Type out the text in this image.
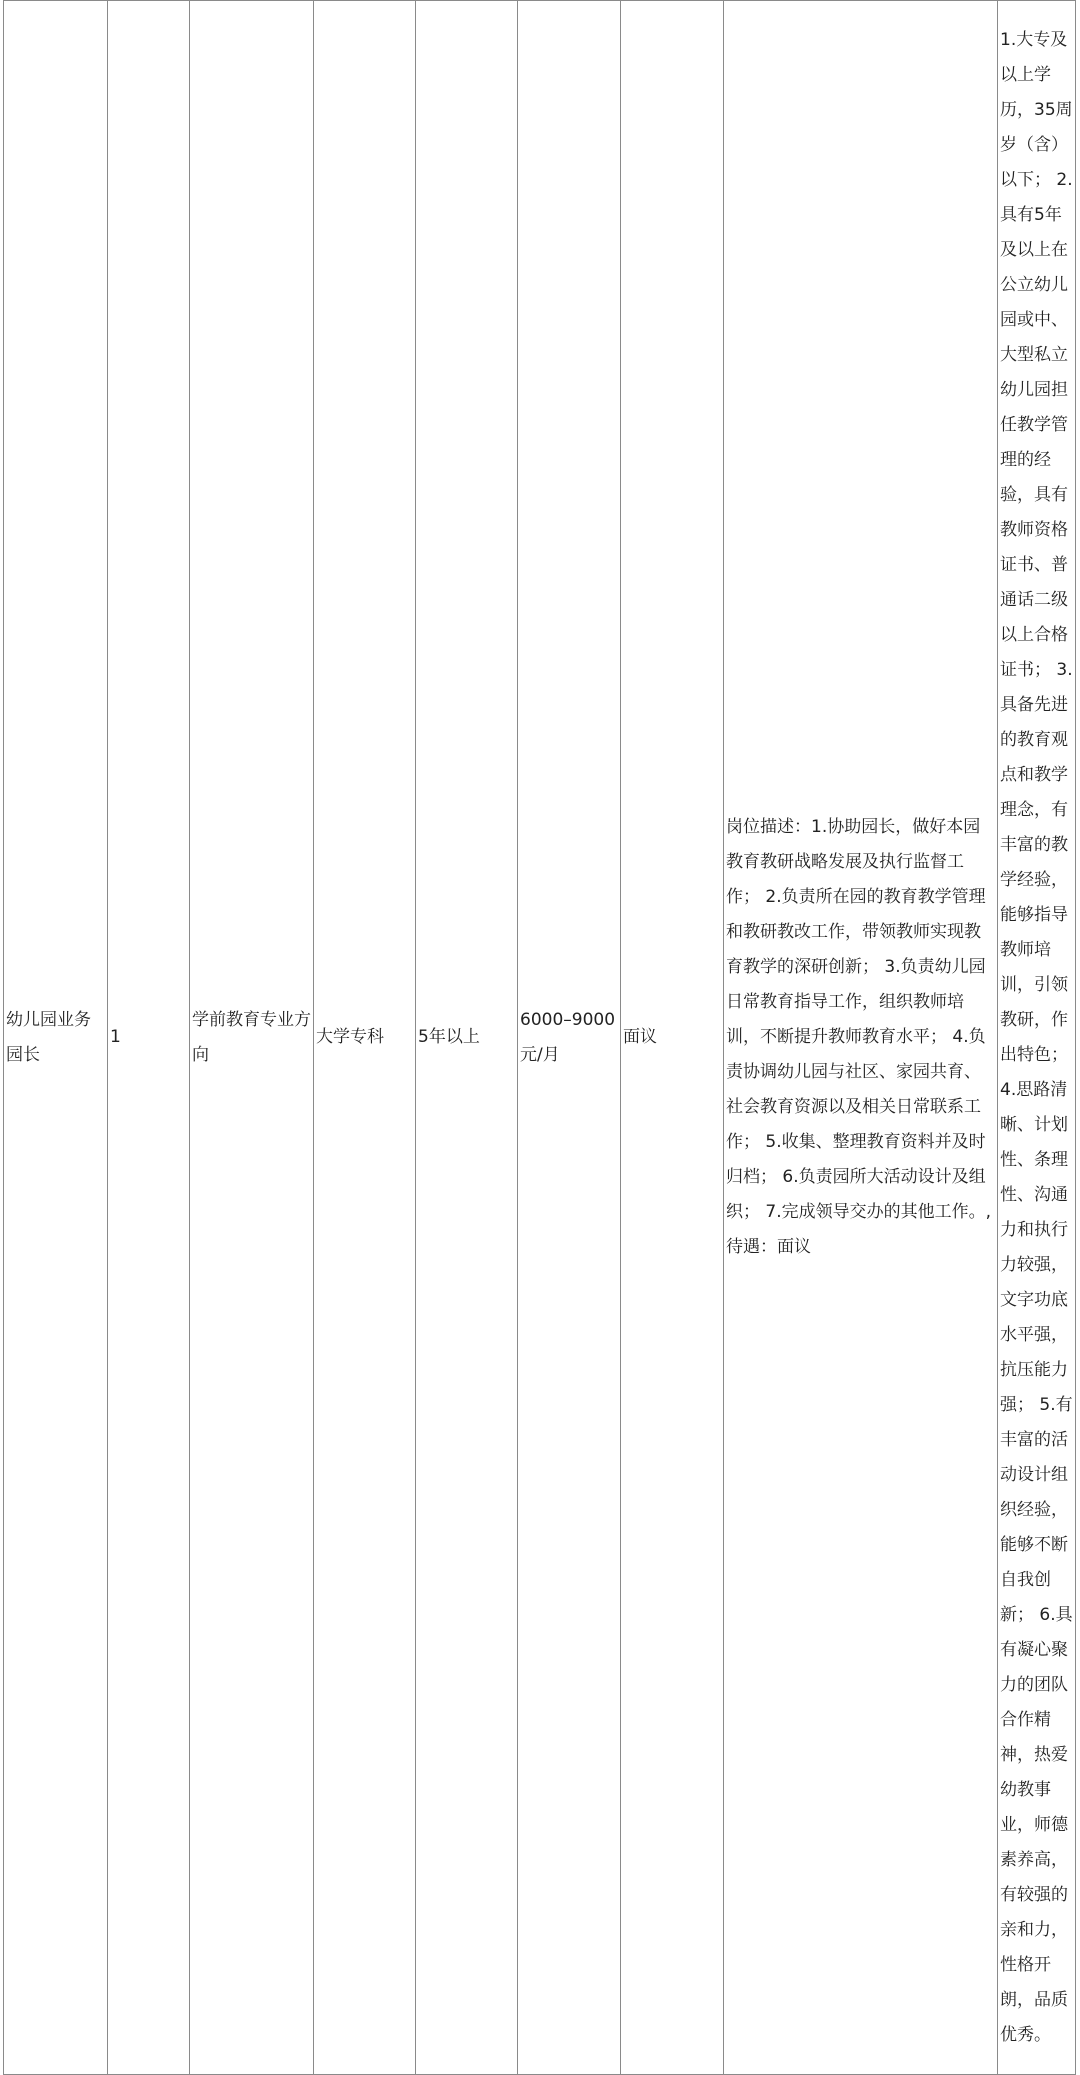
幼儿园业务园长	1	学前教育专业方向	大学专科	5年以上	6000–9000元/月	面议	岗位描述：1.协助园长，做好本园教育教研战略发展及执行监督工作； 2.负责所在园的教育教学管理和教研教改工作，带领教师实现教育教学的深研创新； 3.负责幼儿园日常教育指导工作，组织教师培训，不断提升教师教育水平； 4.负责协调幼儿园与社区、家园共育、社会教育资源以及相关日常联系工作； 5.收集、整理教育资料并及时归档； 6.负责园所大活动设计及组织； 7.完成领导交办的其他工作。,待遇：面议	1.大专及以上学历，35周岁（含）以下； 2.具有5年及以上在公立幼儿园或中、大型私立幼儿园担任教学管理的经验，具有教师资格证书、普通话二级以上合格证书； 3.具备先进的教育观点和教学理念，有丰富的教学经验，能够指导教师培训，引领教研，作出特色； 4.思路清晰、计划性、条理性、沟通力和执行力较强，文字功底水平强，抗压能力强； 5.有丰富的活动设计组织经验，能够不断自我创新； 6.具有凝心聚力的团队合作精神，热爱幼教事业，师德素养高，有较强的亲和力，性格开朗，品质优秀。
